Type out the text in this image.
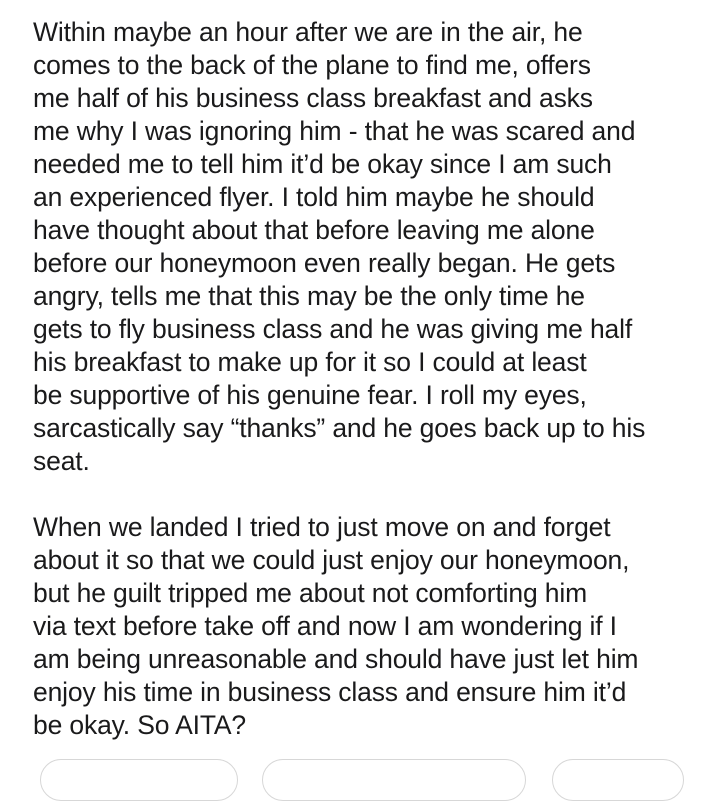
Within maybe an hour after we are in the air, he
comes to the back of the plane to find me, offers
me half of his business class breakfast and asks
me why I was ignoring him - that he was scared and
needed me to tell him it’d be okay since I am such
an experienced flyer. I told him maybe he should
have thought about that before leaving me alone
before our honeymoon even really began. He gets
angry, tells me that this may be the only time he
gets to fly business class and he was giving me half
his breakfast to make up for it so I could at least
be supportive of his genuine fear. I roll my eyes,
sarcastically say “thanks” and he goes back up to his
seat.

When we landed I tried to just move on and forget
about it so that we could just enjoy our honeymoon,
but he guilt tripped me about not comforting him
via text before take off and now I am wondering if I
am being unreasonable and should have just let him
enjoy his time in business class and ensure him it’d
be okay. So AITA?
